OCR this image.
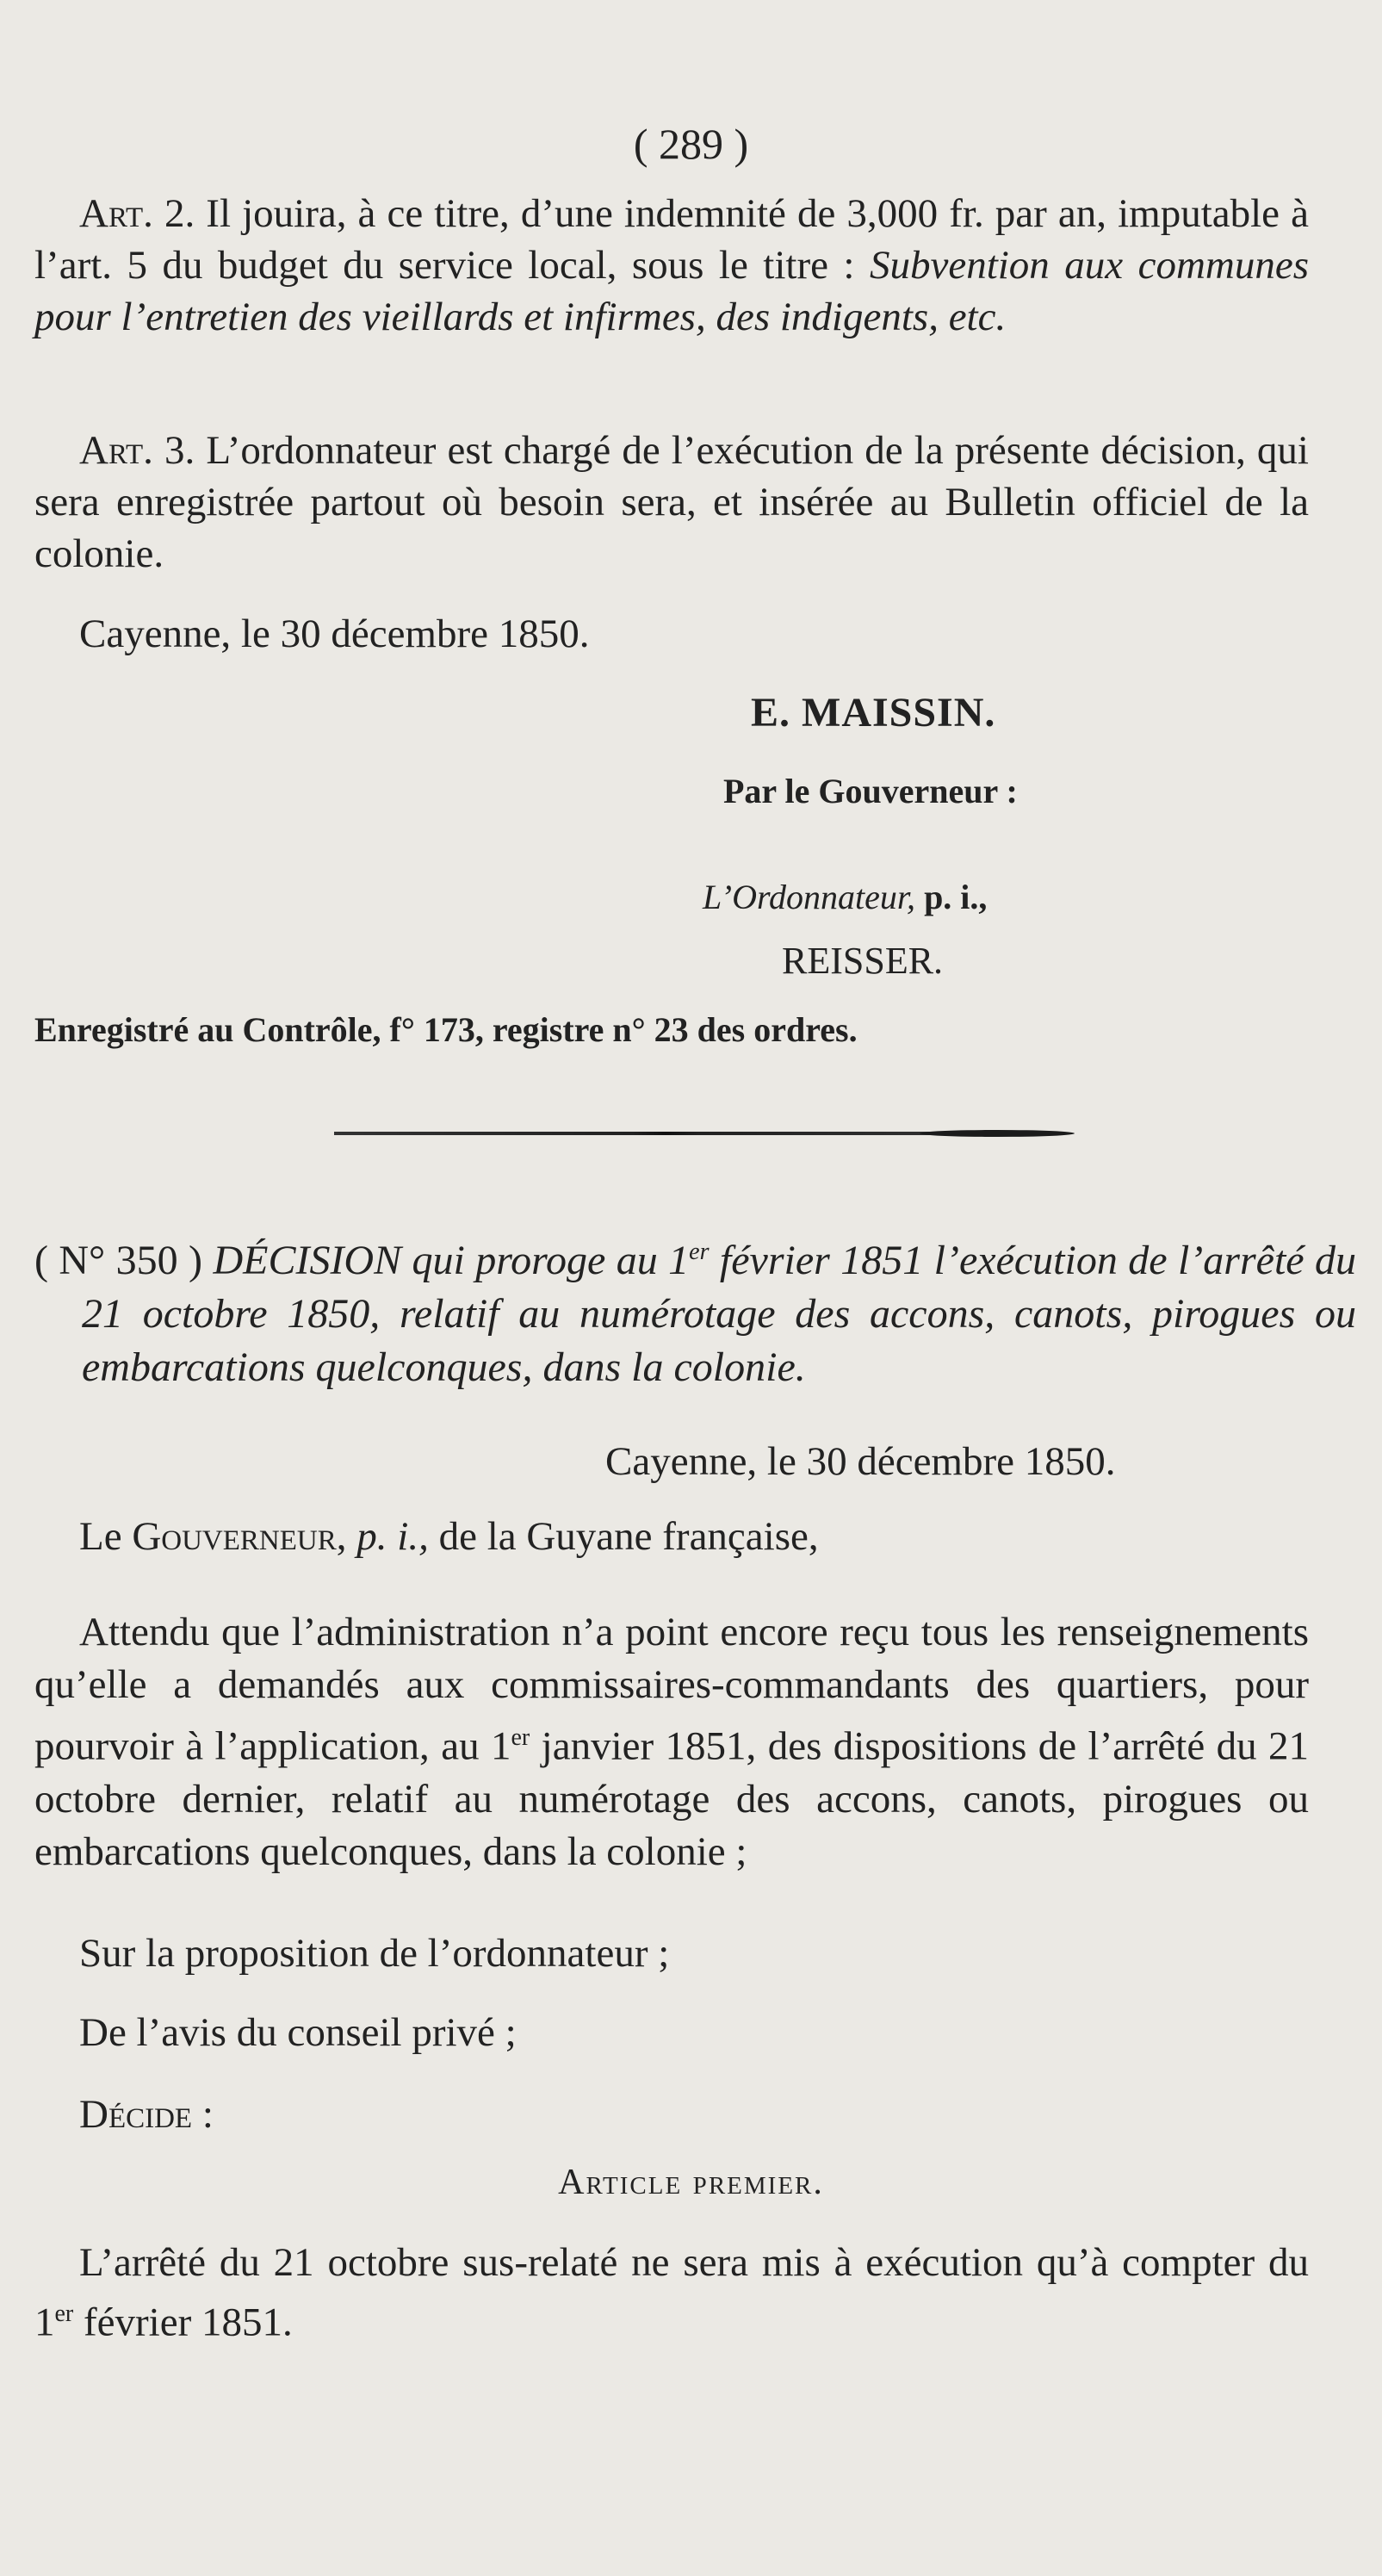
( 289 )
Art. 2. Il jouira, à ce titre, d’une indemnité de 3,000 fr. par an, imputable à l’art. 5 du budget du service local, sous le titre : Subvention aux communes pour l’entretien des vieillards et infirmes, des indigents, etc.
Art. 3. L’ordonnateur est chargé de l’exécution de la présente décision, qui sera enregistrée partout où besoin sera, et insérée au Bulletin officiel de la colonie.
Cayenne, le 30 décembre 1850.
E. MAISSIN.
Par le Gouverneur :
L’Ordonnateur, p. i.,
REISSER.
Enregistré au Contrôle, f° 173, registre n° 23 des ordres.
( N° 350 ) DÉCISION qui proroge au 1er février 1851 l’exécution de l’arrêté du 21 octobre 1850, relatif au numérotage des accons, canots, pirogues ou embarcations quelconques, dans la colonie.
Cayenne, le 30 décembre 1850.
Le Gouverneur, p. i., de la Guyane française,
Attendu que l’administration n’a point encore reçu tous les renseignements qu’elle a demandés aux commissaires-commandants des quartiers, pour pourvoir à l’application, au 1er janvier 1851, des dispositions de l’arrêté du 21 octobre dernier, relatif au numérotage des accons, canots, pirogues ou embarcations quelconques, dans la colonie ;
Sur la proposition de l’ordonnateur ;
De l’avis du conseil privé ;
Décide :
Article premier.
L’arrêté du 21 octobre sus-relaté ne sera mis à exécution qu’à compter du 1er février 1851.
